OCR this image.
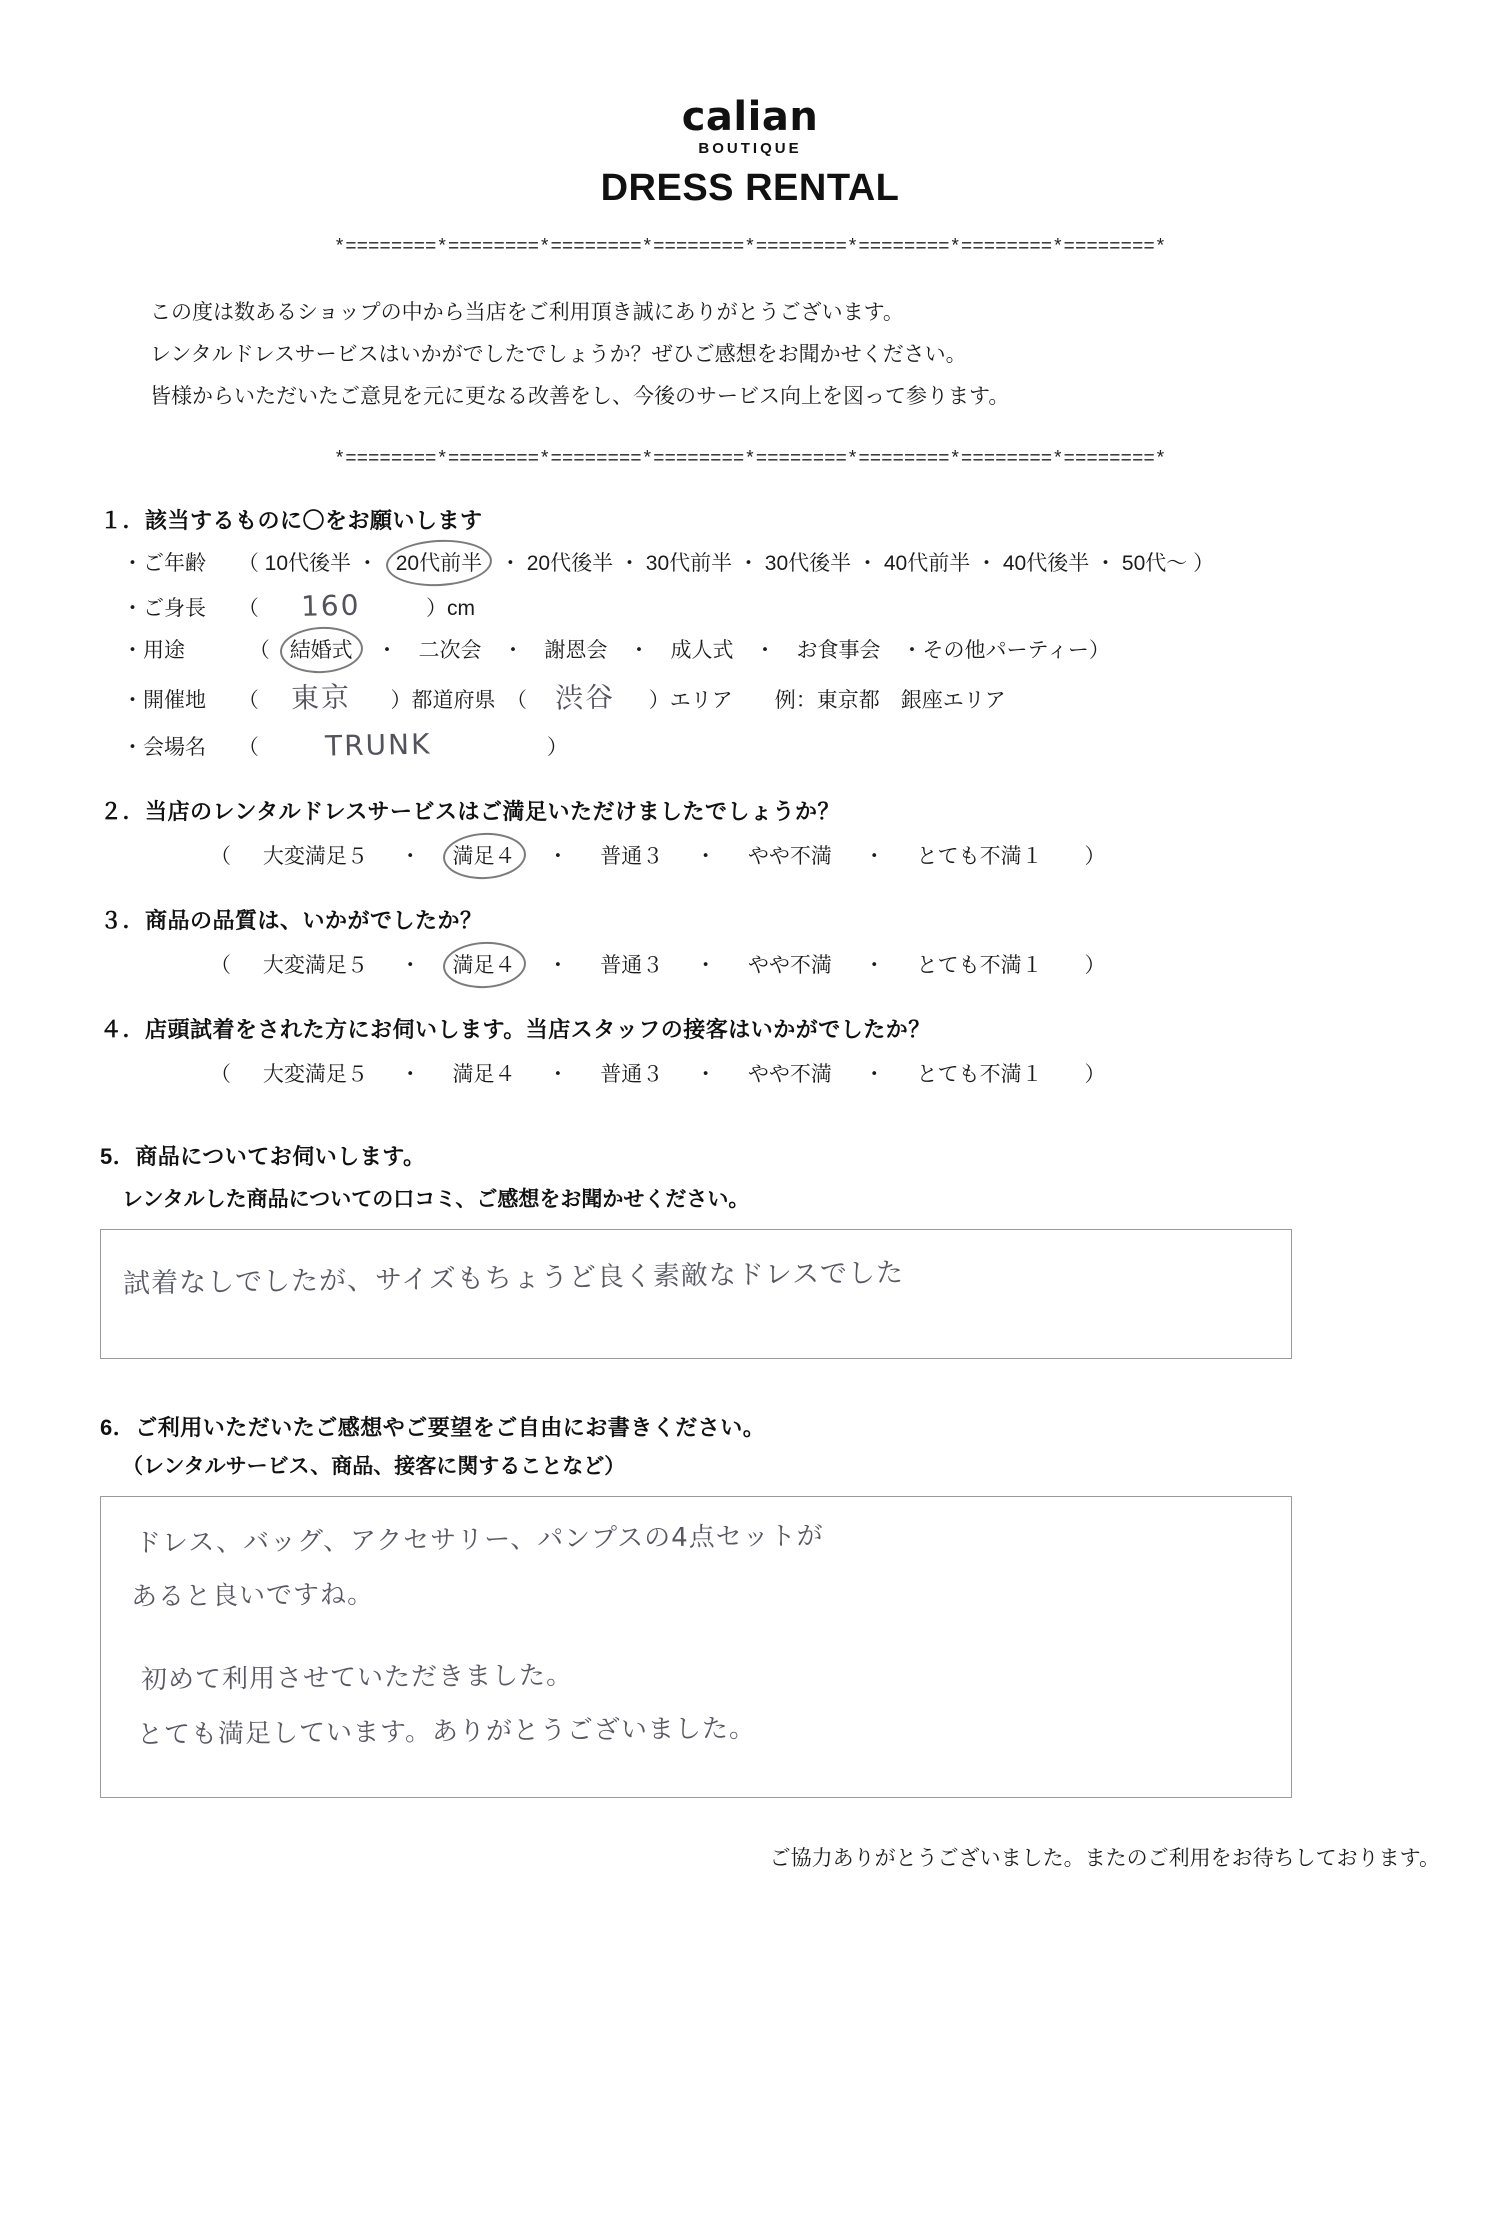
calian
BOUTIQUE
DRESS RENTAL
*========*========*========*========*========*========*========*========*
この度は数あるショップの中から当店をご利用頂き誠にありがとうございます。
レンタルドレスサービスはいかがでしたでしょうか？ぜひご感想をお聞かせください。
皆様からいただいたご意見を元に更なる改善をし、今後のサービス向上を図って参ります。
*========*========*========*========*========*========*========*========*
１．該当するものに〇をお願いします
・ご年齢 （ 10代後半 ・ 20代前半 ・ 20代後半 ・ 30代前半 ・ 30代後半 ・ 40代前半 ・ 40代後半 ・ 50代～ ）
・ご身長 （ 160	）cm
・用途	（ 結婚式 ・　二次会　・　謝恩会　・　成人式　・　お食事会　・その他パーティー）
・開催地 （ 東京 ）都道府県　（ 渋谷 ）エリア　　例：東京都　銀座エリア
・会場名 （ TRUNK	）
２．当店のレンタルドレスサービスはご満足いただけましたでしょうか？
（ 大変満足５ ・ 満足４ ・ 普通３ ・ やや不満 ・ とても不満１ ）
３．商品の品質は、いかがでしたか？
（ 大変満足５ ・ 満足４ ・ 普通３ ・ やや不満 ・ とても不満１ ）
４．店頭試着をされた方にお伺いします。当店スタッフの接客はいかがでしたか？
（ 大変満足５ ・ 満足４ ・ 普通３ ・ やや不満 ・ とても不満１ ）
5．商品についてお伺いします。
レンタルした商品についての口コミ、ご感想をお聞かせください。
試着なしでしたが、サイズもちょうど良く素敵なドレスでした
6．ご利用いただいたご感想やご要望をご自由にお書きください。
（レンタルサービス、商品、接客に関することなど）
ドレス、バッグ、アクセサリー、パンプスの4点セットが
あると良いですね。
初めて利用させていただきました。
とても満足しています。ありがとうございました。
ご協力ありがとうございました。またのご利用をお待ちしております。
